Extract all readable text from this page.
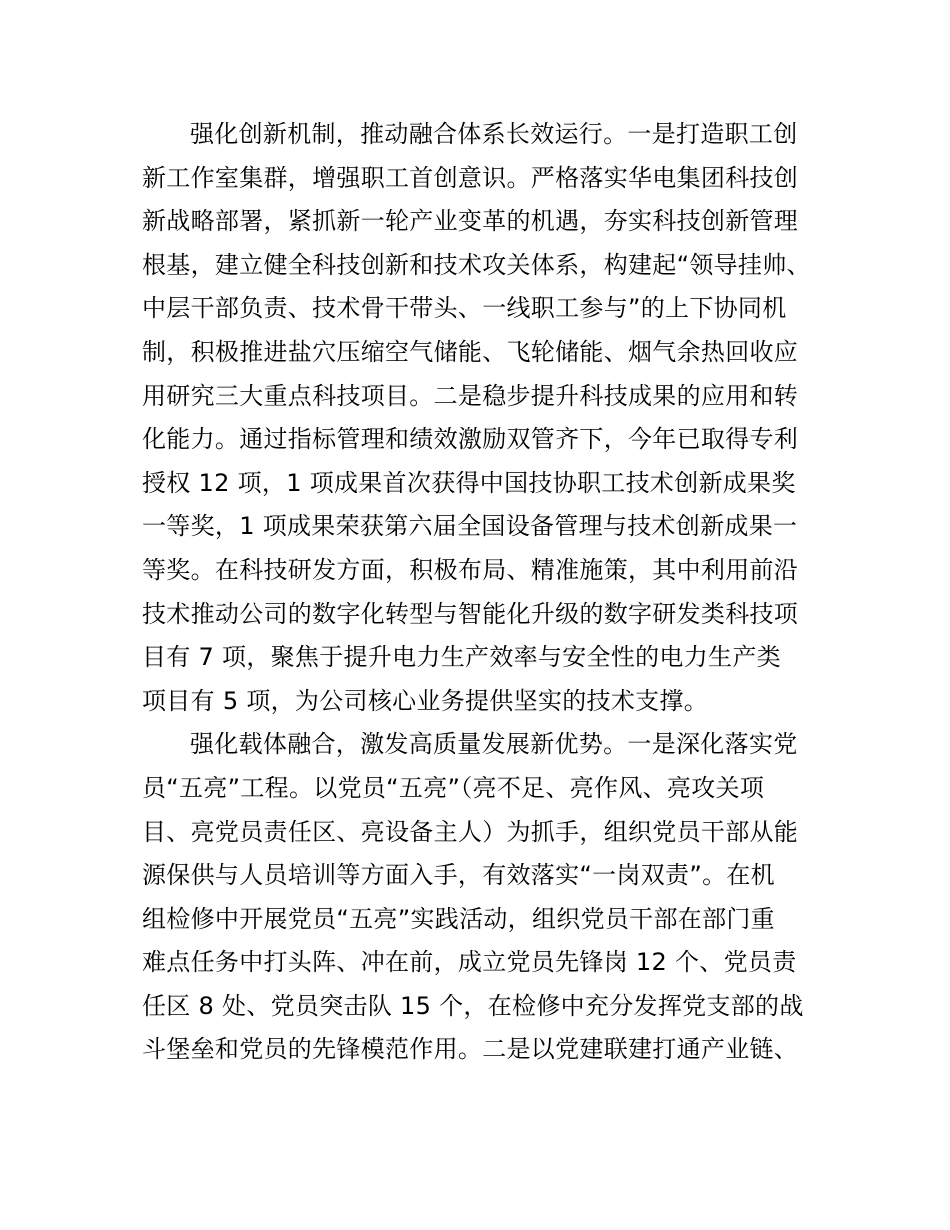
强化创新机制，推动融合体系长效运行。一是打造职工创
新工作室集群，增强职工首创意识。严格落实华电集团科技创
新战略部署，紧抓新一轮产业变革的机遇，夯实科技创新管理
根基，建立健全科技创新和技术攻关体系，构建起“领导挂帅、
中层干部负责、技术骨干带头、一线职工参与”的上下协同机
制，积极推进盐穴压缩空气储能、飞轮储能、烟气余热回收应
用研究三大重点科技项目。二是稳步提升科技成果的应用和转
化能力。通过指标管理和绩效激励双管齐下，今年已取得专利
授权 12 项，1 项成果首次获得中国技协职工技术创新成果奖
一等奖，1 项成果荣获第六届全国设备管理与技术创新成果一
等奖。在科技研发方面，积极布局、精准施策，其中利用前沿
技术推动公司的数字化转型与智能化升级的数字研发类科技项
目有 7 项，聚焦于提升电力生产效率与安全性的电力生产类
项目有 5 项，为公司核心业务提供坚实的技术支撑。

强化载体融合，激发高质量发展新优势。一是深化落实党
员“五亮”工程。以党员“五亮”（亮不足、亮作风、亮攻关项
目、亮党员责任区、亮设备主人）为抓手，组织党员干部从能
源保供与人员培训等方面入手，有效落实“一岗双责”。在机
组检修中开展党员“五亮”实践活动，组织党员干部在部门重
难点任务中打头阵、冲在前，成立党员先锋岗 12 个、党员责
任区 8 处、党员突击队 15 个，在检修中充分发挥党支部的战
斗堡垒和党员的先锋模范作用。二是以党建联建打通产业链、
